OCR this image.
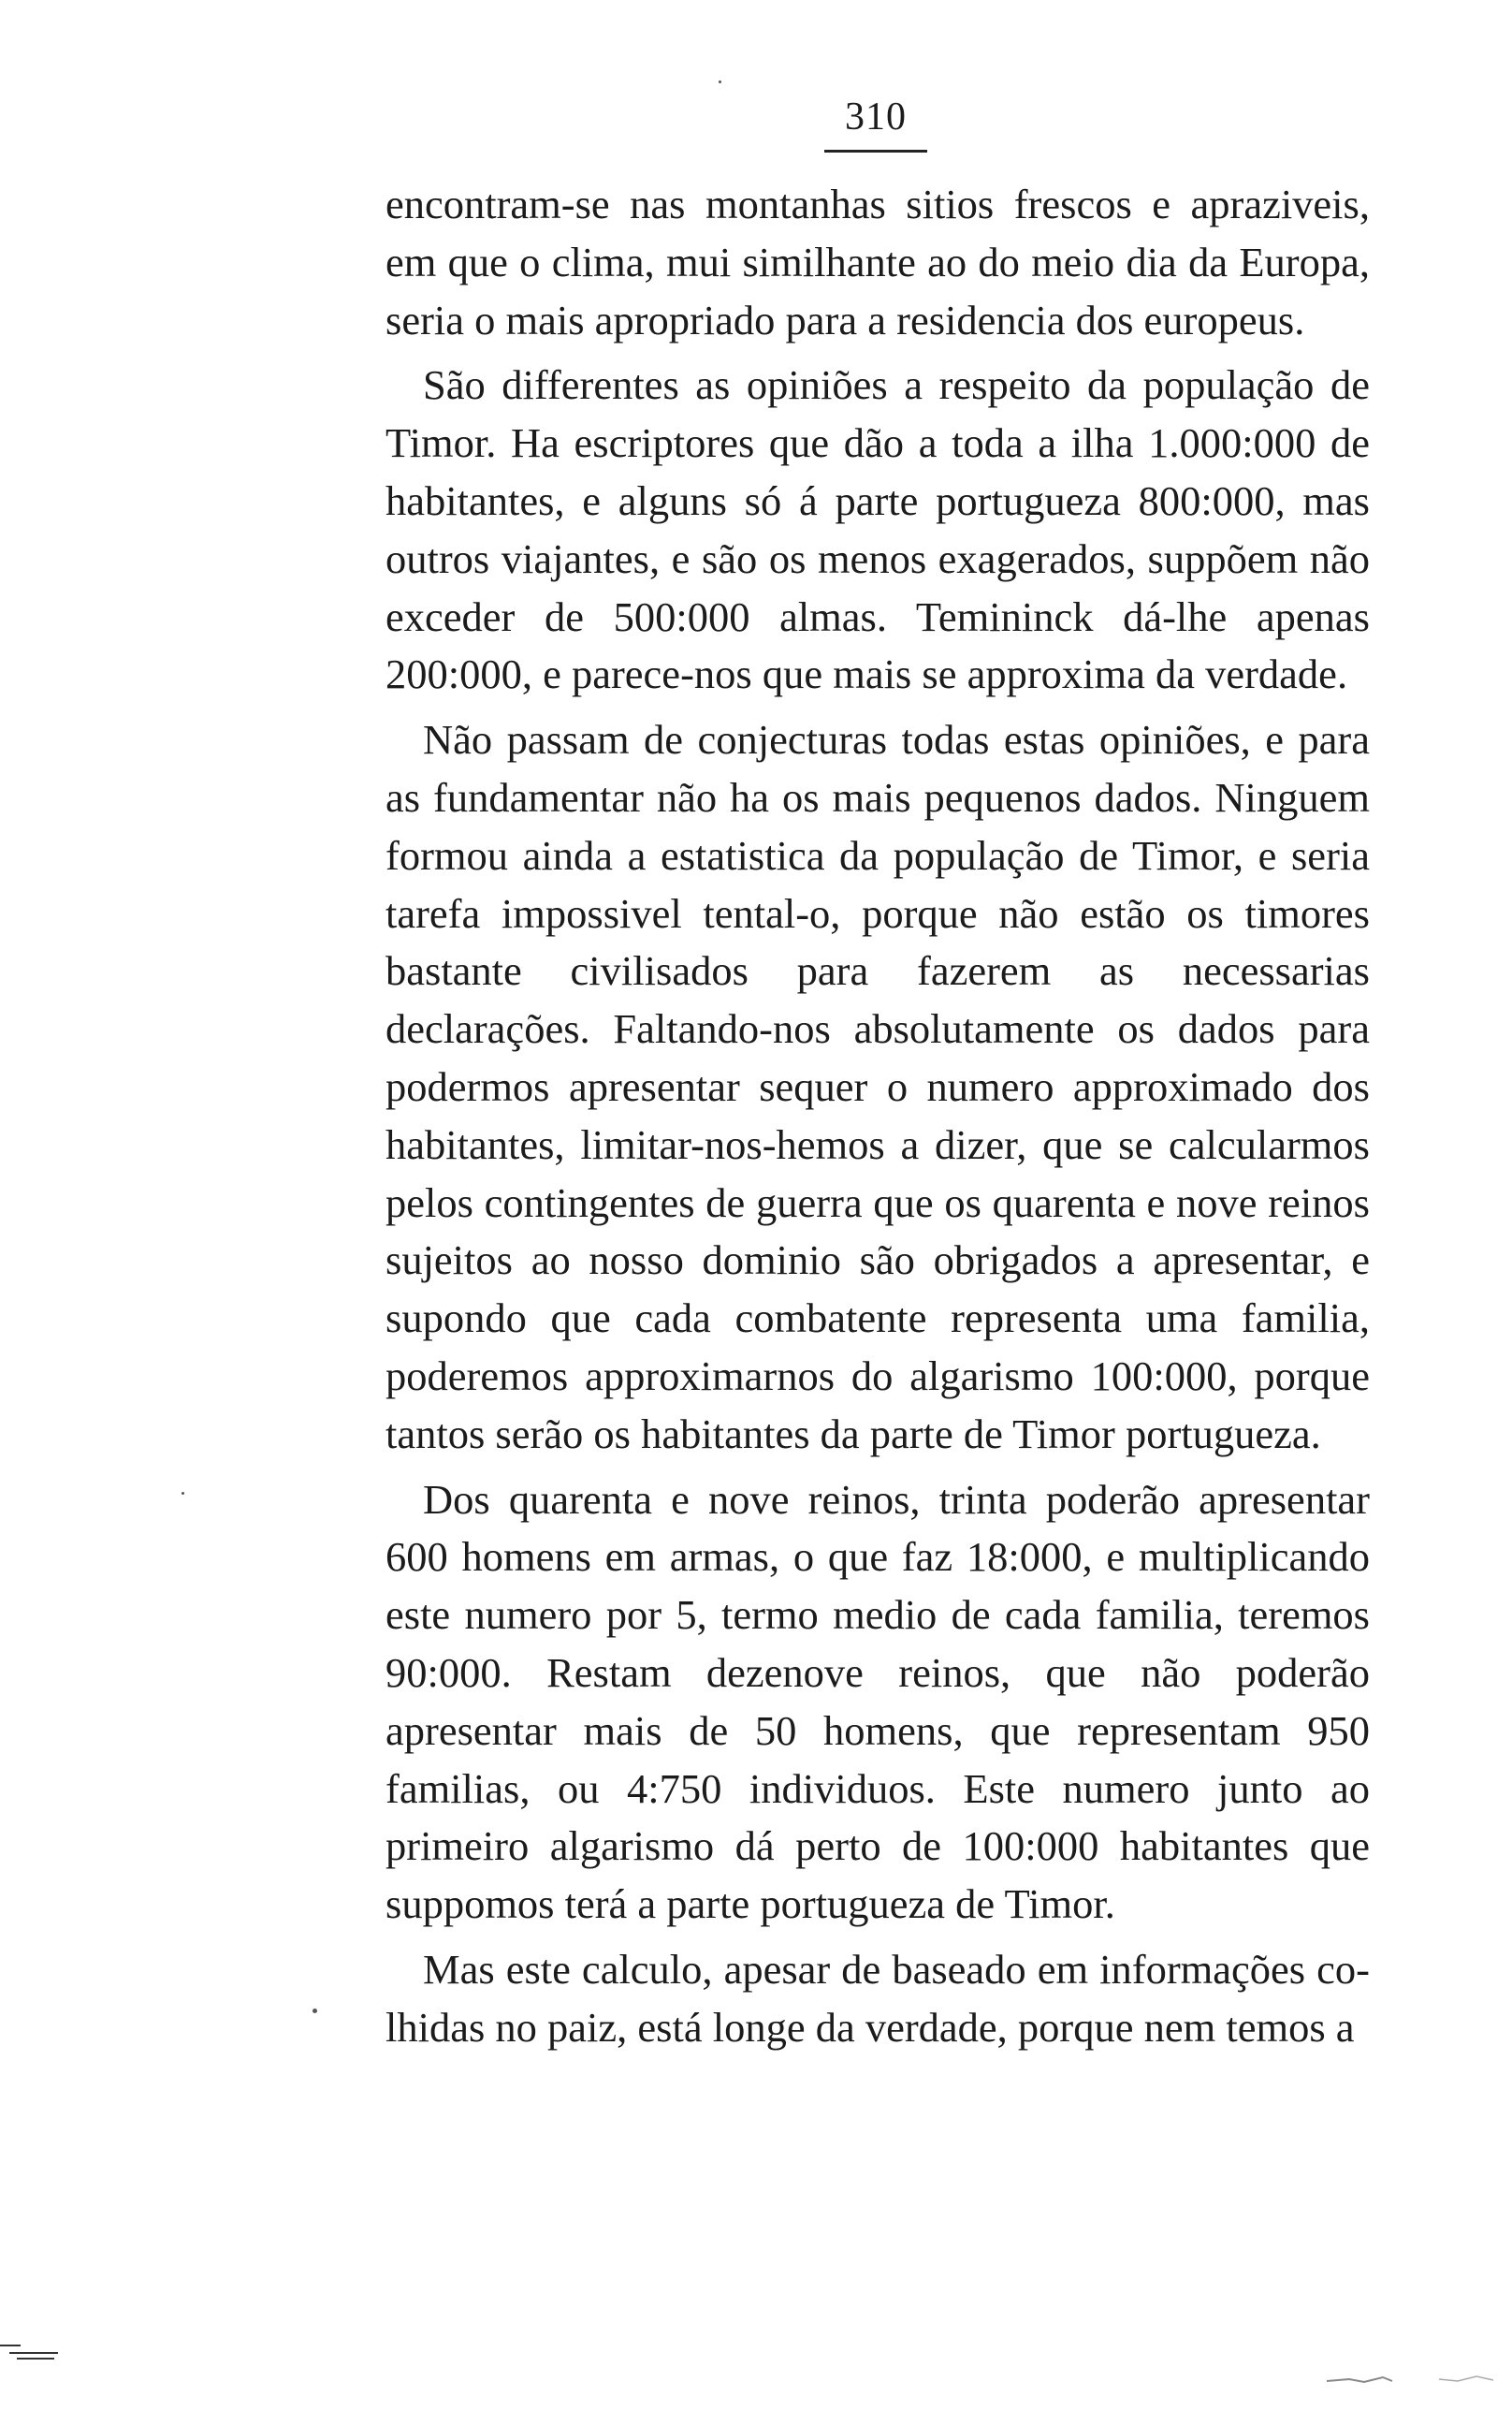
310

encontram-se nas montanhas sitios frescos e apraziveis, em que o clima, mui similhante ao do meio dia da Europa, seria o mais apropriado para a residencia dos europeus.

São differentes as opiniões a respeito da população de Timor. Ha escriptores que dão a toda a ilha 1.000:000 de habitantes, e alguns só á parte portugueza 800:000, mas outros viajantes, e são os menos exagerados, suppõem não exceder de 500:000 almas. Temininck dá-lhe apenas 200:000, e parece-nos que mais se approxima da verdade.

Não passam de conjecturas todas estas opiniões, e para as fundamentar não ha os mais pequenos dados. Ninguem formou ainda a estatistica da população de Timor, e seria tarefa impossivel tental-o, porque não estão os timores bastante civilisados para fazerem as necessarias declarações. Faltando-nos absolutamente os dados para podermos apresentar sequer o numero approximado dos habitantes, limitar-nos-hemos a dizer, que se calcularmos pelos contingentes de guerra que os quarenta e nove reinos sujeitos ao nosso dominio são obrigados a apresentar, e supondo que cada combatente representa uma familia, poderemos approximarnos do algarismo 100:000, porque tantos serão os habitantes da parte de Timor portugueza.

Dos quarenta e nove reinos, trinta poderão apresentar 600 homens em armas, o que faz 18:000, e multiplicando este numero por 5, termo medio de cada familia, teremos 90:000. Restam dezenove reinos, que não poderão apresentar mais de 50 homens, que representam 950 familias, ou 4:750 individuos. Este numero junto ao primeiro algarismo dá perto de 100:000 habitantes que suppomos terá a parte portugueza de Timor.

Mas este calculo, apesar de baseado em informações colhidas no paiz, está longe da verdade, porque nem temos a
